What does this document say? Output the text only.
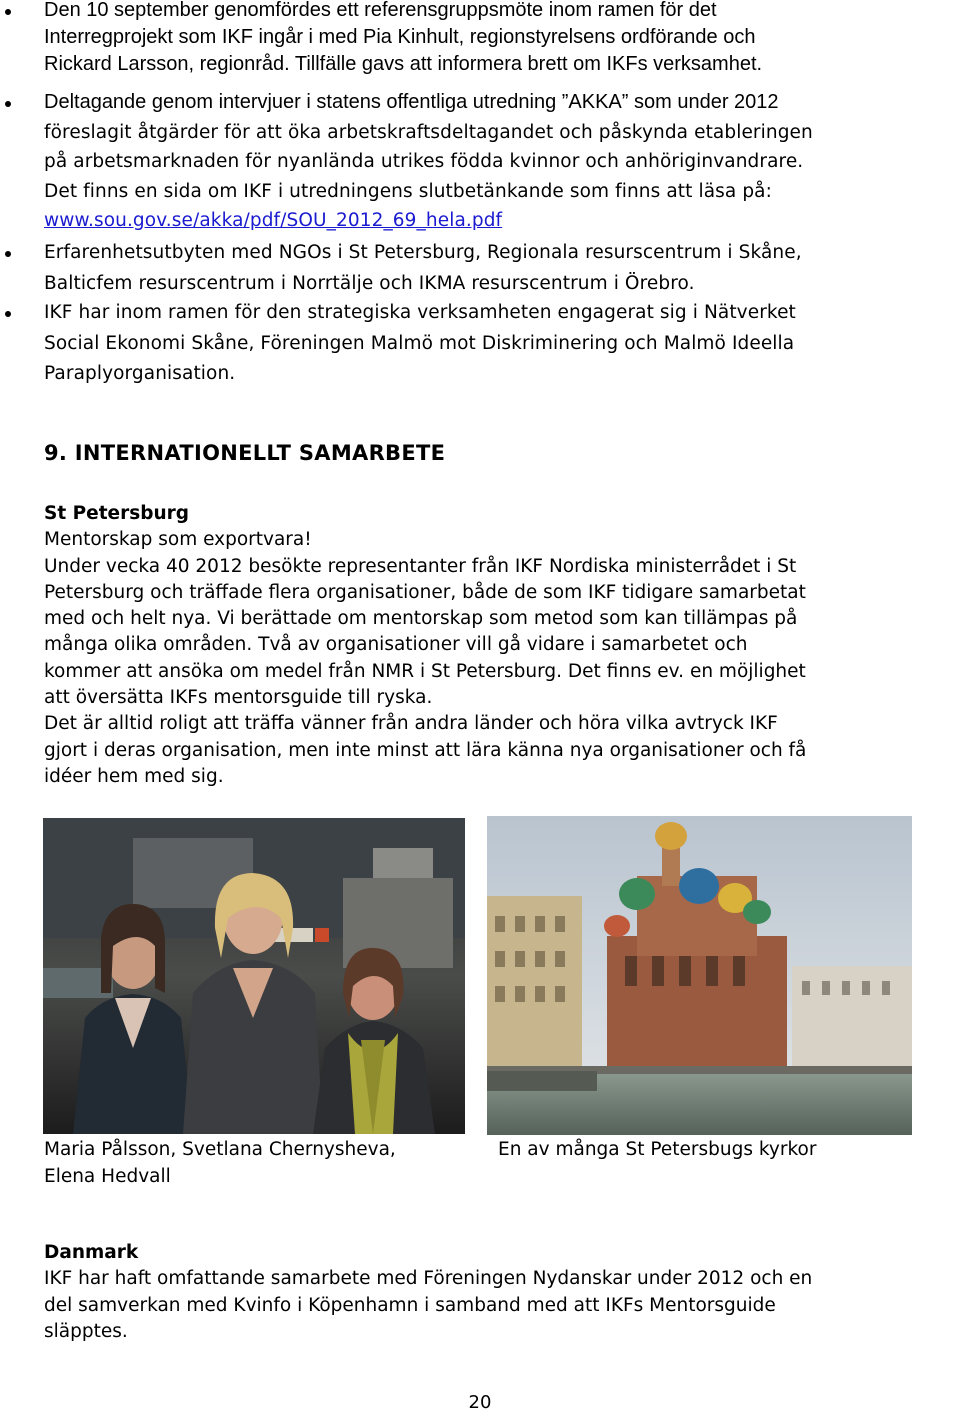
Den 10 september genomfördes ett referensgruppsmöte inom ramen för det
Interregprojekt som IKF ingår i med Pia Kinhult, regionstyrelsens ordförande och
Rickard Larsson, regionråd. Tillfälle gavs att informera brett om IKFs verksamhet.
Deltagande genom intervjuer i statens offentliga utredning ”AKKA” som under 2012
föreslagit åtgärder för att öka arbetskraftsdeltagandet och påskynda etableringen
på arbetsmarknaden för nyanlända utrikes födda kvinnor och anhöriginvandrare.
Det finns en sida om IKF i utredningens slutbetänkande som finns att läsa på:
www.sou.gov.se/akka/pdf/SOU_2012_69_hela.pdf
Erfarenhetsutbyten med NGOs i St Petersburg, Regionala resurscentrum i Skåne,
Balticfem resurscentrum i Norrtälje och IKMA resurscentrum i Örebro.
IKF har inom ramen för den strategiska verksamheten engagerat sig i Nätverket
Social Ekonomi Skåne, Föreningen Malmö mot Diskriminering och Malmö Ideella
Paraplyorganisation.
9. INTERNATIONELLT SAMARBETE
St Petersburg
Mentorskap som exportvara!
Under vecka 40 2012 besökte representanter från IKF Nordiska ministerrådet i St
Petersburg och träffade flera organisationer, både de som IKF tidigare samarbetat
med och helt nya. Vi berättade om mentorskap som metod som kan tillämpas på
många olika områden. Två av organisationer vill gå vidare i samarbetet och
kommer att ansöka om medel från NMR i St Petersburg. Det finns ev. en möjlighet
att översätta IKFs mentorsguide till ryska.
Det är alltid roligt att träffa vänner från andra länder och höra vilka avtryck IKF
gjort i deras organisation, men inte minst att lära känna nya organisationer och få
idéer hem med sig.
Maria Pålsson, Svetlana Chernysheva,
Elena Hedvall
En av många St Petersbugs kyrkor
Danmark
IKF har haft omfattande samarbete med Föreningen Nydanskar under 2012 och en
del samverkan med Kvinfo i Köpenhamn i samband med att IKFs Mentorsguide
släpptes.
20
